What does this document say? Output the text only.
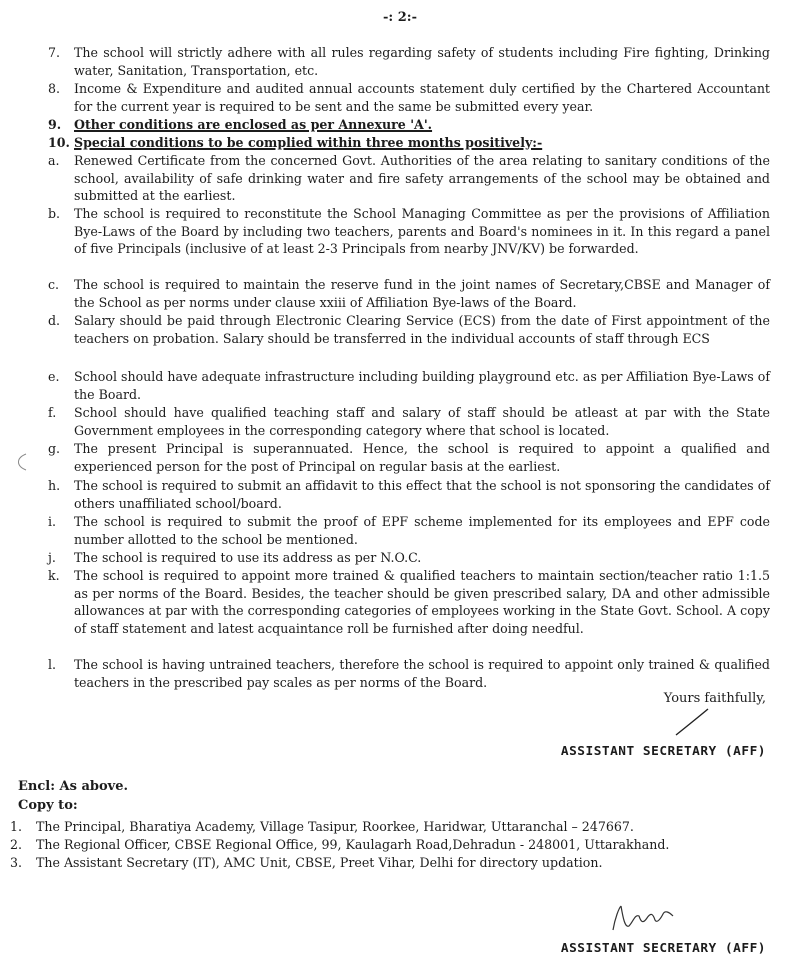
-: 2:-
7.	The school will strictly adhere with all rules regarding safety of students including Fire fighting, Drinking water, Sanitation, Transportation, etc.
8.	Income & Expenditure and audited annual accounts statement duly certified by the Chartered Accountant for the current year is required to be sent and the same be submitted every year.
9.	Other conditions are enclosed as per Annexure 'A'.
10. Special conditions to be complied within three months positively:-
a.	Renewed Certificate from the concerned Govt. Authorities of the area relating to sanitary conditions of the school, availability of safe drinking water and fire safety arrangements of the school may be obtained and submitted at the earliest.
b.	The school is required to reconstitute the School Managing Committee as per the provisions of Affiliation Bye-Laws of the Board by including two teachers, parents and Board's nominees in it. In this regard a panel of five Principals (inclusive of at least 2-3 Principals from nearby JNV/KV) be forwarded.
c.	The school is required to maintain the reserve fund in the joint names of Secretary,CBSE and Manager of the School as per norms under clause xxiii of Affiliation Bye-laws of the Board.
d.	Salary should be paid through Electronic Clearing Service (ECS) from the date of First appointment of the teachers on probation. Salary should be transferred in the individual accounts of staff through ECS
e.	School should have adequate infrastructure including building playground etc. as per Affiliation Bye-Laws of the Board.
f.	School should have qualified teaching staff and salary of staff should be atleast at par with the State Government employees in the corresponding category where that school is located.
g.	The present Principal is superannuated. Hence, the school is required to appoint a qualified and experienced person for the post of Principal on regular basis at the earliest.
h.	The school is required to submit an affidavit to this effect that the school is not sponsoring the candidates of others unaffiliated school/board.
i.	The school is required to submit the proof of EPF scheme implemented for its employees and EPF code number allotted to the school be mentioned.
j.	The school is required to use its address as per N.O.C.
k.	The school is required to appoint more trained & qualified teachers to maintain section/teacher ratio 1:1.5 as per norms of the Board. Besides, the teacher should be given prescribed salary, DA and other admissible allowances at par with the corresponding categories of employees working in the State Govt. School. A copy of staff statement and latest acquaintance roll be furnished after doing needful.
l.	The school is having untrained teachers, therefore the school is required to appoint only trained & qualified teachers in the prescribed pay scales as per norms of the Board.
Yours faithfully,
ASSISTANT SECRETARY (AFF)
Encl: As above.
Copy to:
1. The Principal, Bharatiya Academy, Village Tasipur, Roorkee, Haridwar, Uttaranchal – 247667.
2. The Regional Officer, CBSE Regional Office, 99, Kaulagarh Road,Dehradun - 248001, Uttarakhand.
3. The Assistant Secretary (IT), AMC Unit, CBSE, Preet Vihar, Delhi for directory updation.
ASSISTANT SECRETARY (AFF)
